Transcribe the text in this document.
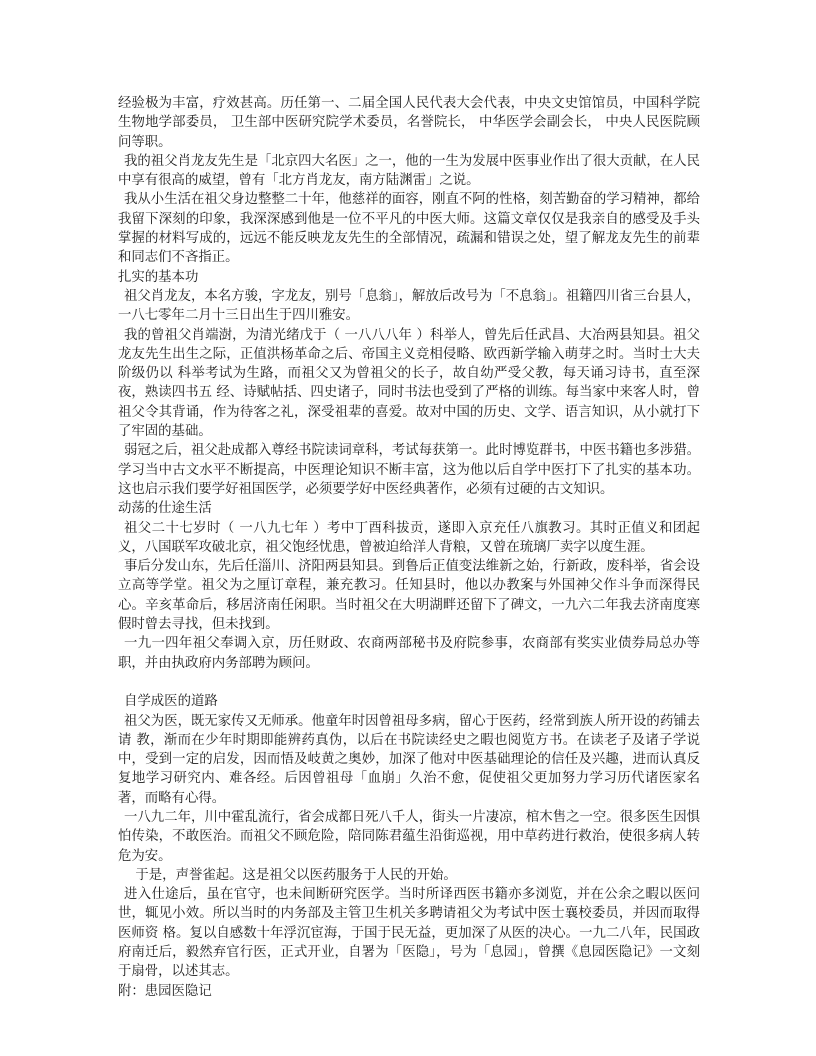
经验极为丰富，疗效甚高。历任第一、二届全国人民代表大会代表，中央文史馆馆员，中国科学院生物地学部委员， 卫生部中医研究院学术委员，名誉院长， 中华医学会副会长， 中央人民医院顾问等职。

我的祖父肖龙友先生是「北京四大名医」之一，他的一生为发展中医事业作出了很大贡献，在人民中享有很高的威望，曾有「北方肖龙友，南方陆渊雷」之说。

我从小生活在祖父身边整整二十年，他慈祥的面容，刚直不阿的性格，刻苦勤奋的学习精神，都给我留下深刻的印象，我深深感到他是一位不平凡的中医大师。这篇文章仅仅是我亲自的感受及手头掌握的材料写成的，远远不能反映龙友先生的全部情况，疏漏和错误之处，望了解龙友先生的前辈和同志们不吝指正。

扎实的基本功

祖父肖龙友，本名方骏，字龙友，别号「息翁」，解放后改号为「不息翁」。祖籍四川省三台县人，一八七零年二月十三日出生于四川雅安。

我的曾祖父肖端澍，为清光绪戊于（ 一八八八年 ）科举人，曾先后任武昌、大冶两县知县。祖父龙友先生出生之际，正值洪杨革命之后、帝国主义竞相侵略、欧西新学输入萌芽之时。当时士大夫阶级仍以 科举考试为生路，而祖父又为曾祖父的长子，故自幼严受父教，每天诵习诗书，直至深夜，熟读四书五 经、诗赋帖括、四史诸子，同时书法也受到了严格的训练。每当家中来客人时，曾祖父令其背诵，作为待客之礼，深受祖辈的喜爱。故对中国的历史、文学、语言知识，从小就打下了牢固的基础。

弱冠之后，祖父赴成都入尊经书院读词章科，考试每获第一。此时博览群书，中医书籍也多涉猎。学习当中古文水平不断提高，中医理论知识不断丰富，这为他以后自学中医打下了扎实的基本功。这也启示我们要学好祖国医学，必须要学好中医经典著作，必须有过硬的古文知识。

动荡的仕途生活

祖父二十七岁时（ 一八九七年 ）考中丁酉科拔贡，遂即入京充任八旗教习。其时正值义和团起义，八国联军攻破北京，祖父饱经忧患，曾被迫给洋人背粮，又曾在琉璃厂卖字以度生涯。

事后分发山东，先后任淄川、济阳两县知县。到鲁后正值变法维新之始，行新政，废科举，省会设立高等学堂。祖父为之厘订章程，兼充教习。任知县时，他以办教案与外国神父作斗争而深得民心。辛亥革命后，移居济南任闲职。当时祖父在大明湖畔还留下了碑文，一九六二年我去济南度寒假时曾去寻找，但未找到。

一九一四年祖父奉调入京，历任财政、农商两部秘书及府院参事，农商部有奖实业债券局总办等职，并由执政府内务部聘为顾问。

自学成医的道路

祖父为医，既无家传又无师承。他童年时因曾祖母多病，留心于医药，经常到族人所开设的药铺去请 教，渐而在少年时期即能辨药真伪，以后在书院读经史之暇也阅览方书。在读老子及诸子学说中，受到一定的启发，因而悟及岐黄之奥妙，加深了他对中医基础理论的信任及兴趣，进而认真反复地学习研究内、难各经。后因曾祖母「血崩」久治不愈，促使祖父更加努力学习历代诸医家名著，而略有心得。

一八九二年，川中霍乱流行，省会成都日死八千人，街头一片凄凉，棺木售之一空。很多医生因惧怕传染，不敢医治。而祖父不顾危险，陪同陈君蕴生沿街巡视，用中草药进行救治，使很多病人转危为安。

于是，声誉雀起。这是祖父以医药服务于人民的开始。

进入仕途后，虽在官守，也未间断研究医学。当时所译西医书籍亦多浏览，并在公余之暇以医问世，辄见小效。所以当时的内务部及主管卫生机关多聘请祖父为考试中医士襄校委员，并因而取得医师资 格。复以自感数十年浮沉宦海，于国于民无益，更加深了从医的决心。一九二八年，民国政府南迁后，毅然弃官行医，正式开业，自署为「医隐」，号为「息园」，曾撰《息园医隐记》一文刻于扇骨，以述其志。

附：患园医隐记
